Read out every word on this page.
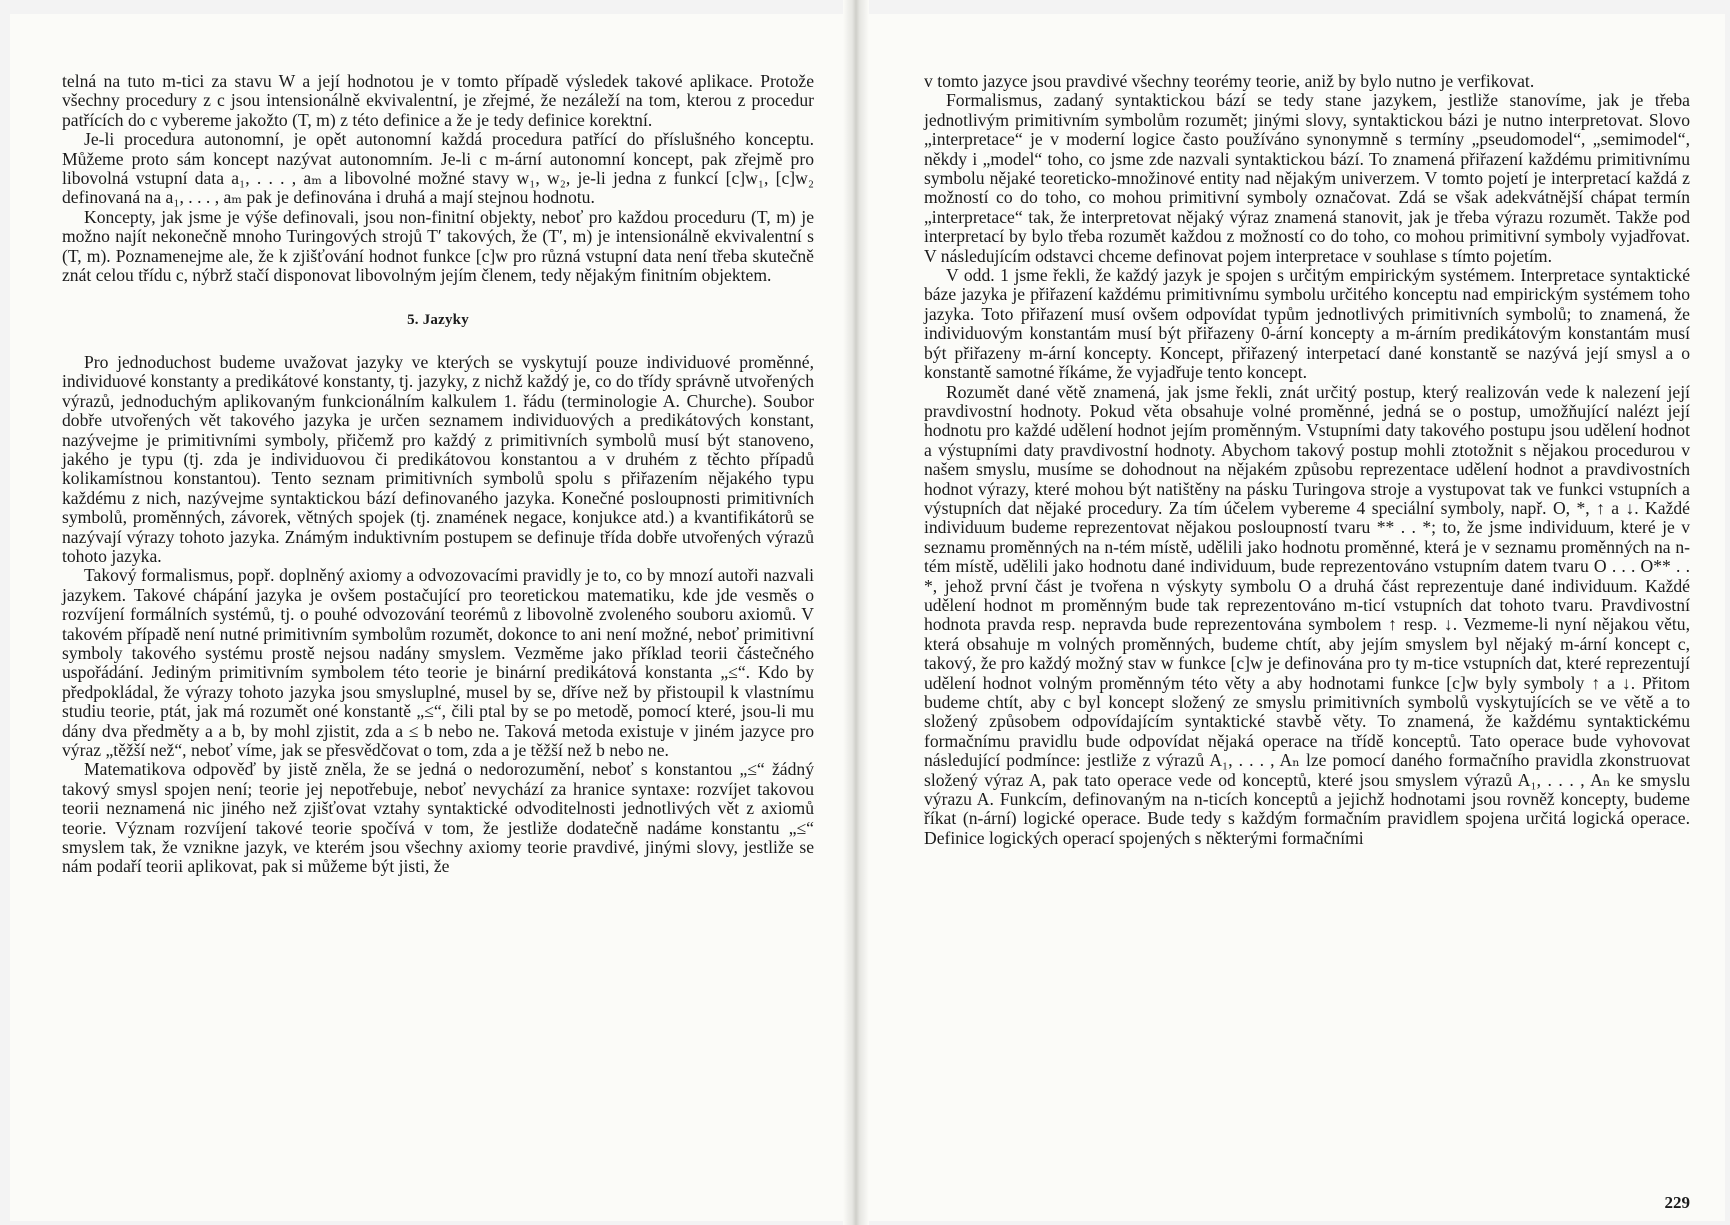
telná na tuto m-tici za stavu W a její hodnotou je v tomto případě výsledek takové aplikace. Protože všechny procedury z c jsou intensionálně ekvivalentní, je zřejmé, že nezáleží na tom, kterou z procedur patřících do c vybereme jakožto (T, m) z této definice a že je tedy definice korektní.

Je-li procedura autonomní, je opět autonomní každá procedura patřící do příslušného konceptu. Můžeme proto sám koncept nazývat autonomním. Je-li c m-ární autonomní koncept, pak zřejmě pro libovolná vstupní data a₁, . . . , aₘ a libovolné možné stavy w₁, w₂, je-li jedna z funkcí [c]w₁, [c]w₂ definovaná na a₁, . . . , aₘ pak je definována i druhá a mají stejnou hodnotu.

Koncepty, jak jsme je výše definovali, jsou non-finitní objekty, neboť pro každou proceduru (T, m) je možno najít nekonečně mnoho Turingových strojů T′ takových, že (T′, m) je intensionálně ekvivalentní s (T, m). Poznamenejme ale, že k zjišťování hodnot funkce [c]w pro různá vstupní data není třeba skutečně znát celou třídu c, nýbrž stačí disponovat libovolným jejím členem, tedy nějakým finitním objektem.

5. Jazyky

Pro jednoduchost budeme uvažovat jazyky ve kterých se vyskytují pouze individuové proměnné, individuové konstanty a predikátové konstanty, tj. jazyky, z nichž každý je, co do třídy správně utvořených výrazů, jednoduchým aplikovaným funkcionálním kalkulem 1. řádu (terminologie A. Churche). Soubor dobře utvořených vět takového jazyka je určen seznamem individuových a predikátových konstant, nazývejme je primitivními symboly, přičemž pro každý z primitivních symbolů musí být stanoveno, jakého je typu (tj. zda je individuovou či predikátovou konstantou a v druhém z těchto případů kolikamístnou konstantou). Tento seznam primitivních symbolů spolu s přiřazením nějakého typu každému z nich, nazývejme syntaktickou bází definovaného jazyka. Konečné posloupnosti primitivních symbolů, proměnných, závorek, větných spojek (tj. znamének negace, konjukce atd.) a kvantifikátorů se nazývají výrazy tohoto jazyka. Známým induktivním postupem se definuje třída dobře utvořených výrazů tohoto jazyka.

Takový formalismus, popř. doplněný axiomy a odvozovacími pravidly je to, co by mnozí autoři nazvali jazykem. Takové chápání jazyka je ovšem postačující pro teoretickou matematiku, kde jde vesměs o rozvíjení formálních systémů, tj. o pouhé odvozování teorémů z libovolně zvoleného souboru axiomů. V takovém případě není nutné primitivním symbolům rozumět, dokonce to ani není možné, neboť primitivní symboly takového systému prostě nejsou nadány smyslem. Vezměme jako příklad teorii částečného uspořádání. Jediným primitivním symbolem této teorie je binární predikátová konstanta „≤“. Kdo by předpokládal, že výrazy tohoto jazyka jsou smysluplné, musel by se, dříve než by přistoupil k vlastnímu studiu teorie, ptát, jak má rozumět oné konstantě „≤“, čili ptal by se po metodě, pomocí které, jsou-li mu dány dva předměty a a b, by mohl zjistit, zda a ≤ b nebo ne. Taková metoda existuje v jiném jazyce pro výraz „těžší než“, neboť víme, jak se přesvědčovat o tom, zda a je těžší než b nebo ne.

Matematikova odpověď by jistě zněla, že se jedná o nedorozumění, neboť s konstantou „≤“ žádný takový smysl spojen není; teorie jej nepotřebuje, neboť nevychází za hranice syntaxe: rozvíjet takovou teorii neznamená nic jiného než zjišťovat vztahy syntaktické odvoditelnosti jednotlivých vět z axiomů teorie. Význam rozvíjení takové teorie spočívá v tom, že jestliže dodatečně nadáme konstantu „≤“ smyslem tak, že vznikne jazyk, ve kterém jsou všechny axiomy teorie pravdivé, jinými slovy, jestliže se nám podaří teorii aplikovat, pak si můžeme být jisti, že

v tomto jazyce jsou pravdivé všechny teorémy teorie, aniž by bylo nutno je verfikovat.

Formalismus, zadaný syntaktickou bází se tedy stane jazykem, jestliže stanovíme, jak je třeba jednotlivým primitivním symbolům rozumět; jinými slovy, syntaktickou bázi je nutno interpretovat. Slovo „interpretace“ je v moderní logice často používáno synonymně s termíny „pseudomodel“, „semimodel“, někdy i „model“ toho, co jsme zde nazvali syntaktickou bází. To znamená přiřazení každému primitivnímu symbolu nějaké teoreticko-množinové entity nad nějakým univerzem. V tomto pojetí je interpretací každá z možností co do toho, co mohou primitivní symboly označovat. Zdá se však adekvátnější chápat termín „interpretace“ tak, že interpretovat nějaký výraz znamená stanovit, jak je třeba výrazu rozumět. Takže pod interpretací by bylo třeba rozumět každou z možností co do toho, co mohou primitivní symboly vyjadřovat. V následujícím odstavci chceme definovat pojem interpretace v souhlase s tímto pojetím.

V odd. 1 jsme řekli, že každý jazyk je spojen s určitým empirickým systémem. Interpretace syntaktické báze jazyka je přiřazení každému primitivnímu symbolu určitého konceptu nad empirickým systémem toho jazyka. Toto přiřazení musí ovšem odpovídat typům jednotlivých primitivních symbolů; to znamená, že individuovým konstantám musí být přiřazeny 0-ární koncepty a m-árním predikátovým konstantám musí být přiřazeny m-ární koncepty. Koncept, přiřazený interpetací dané konstantě se nazývá její smysl a o konstantě samotné říkáme, že vyjadřuje tento koncept.

Rozumět dané větě znamená, jak jsme řekli, znát určitý postup, který realizován vede k nalezení její pravdivostní hodnoty. Pokud věta obsahuje volné proměnné, jedná se o postup, umožňující nalézt její hodnotu pro každé udělení hodnot jejím proměnným. Vstupními daty takového postupu jsou udělení hodnot a výstupními daty pravdivostní hodnoty. Abychom takový postup mohli ztotožnit s nějakou procedurou v našem smyslu, musíme se dohodnout na nějakém způsobu reprezentace udělení hodnot a pravdivostních hodnot výrazy, které mohou být natištěny na pásku Turingova stroje a vystupovat tak ve funkci vstupních a výstupních dat nějaké procedury. Za tím účelem vybereme 4 speciální symboly, např. O, *, ↑ a ↓. Každé individuum budeme reprezentovat nějakou posloupností tvaru ** . . *; to, že jsme individuum, které je v seznamu proměnných na n-tém místě, udělili jako hodnotu proměnné, která je v seznamu proměnných na n-tém místě, udělili jako hodnotu dané individuum, bude reprezentováno vstupním datem tvaru O . . . O** . . *, jehož první část je tvořena n výskyty symbolu O a druhá část reprezentuje dané individuum. Každé udělení hodnot m proměnným bude tak reprezentováno m-ticí vstupních dat tohoto tvaru. Pravdivostní hodnota pravda resp. nepravda bude reprezentována symbolem ↑ resp. ↓. Vezmeme-li nyní nějakou větu, která obsahuje m volných proměnných, budeme chtít, aby jejím smyslem byl nějaký m-ární koncept c, takový, že pro každý možný stav w funkce [c]w je definována pro ty m-tice vstupních dat, které reprezentují udělení hodnot volným proměnným této věty a aby hodnotami funkce [c]w byly symboly ↑ a ↓. Přitom budeme chtít, aby c byl koncept složený ze smyslu primitivních symbolů vyskytujících se ve větě a to složený způsobem odpovídajícím syntaktické stavbě věty. To znamená, že každému syntaktickému formačnímu pravidlu bude odpovídat nějaká operace na třídě konceptů. Tato operace bude vyhovovat následující podmínce: jestliže z výrazů A₁, . . . , Aₙ lze pomocí daného formačního pravidla zkonstruovat složený výraz A, pak tato operace vede od konceptů, které jsou smyslem výrazů A₁, . . . , Aₙ ke smyslu výrazu A. Funkcím, definovaným na n-ticích konceptů a jejichž hodnotami jsou rovněž koncepty, budeme říkat (n-ární) logické operace. Bude tedy s každým formačním pravidlem spojena určitá logická operace. Definice logických operací spojených s některými formačními

229
